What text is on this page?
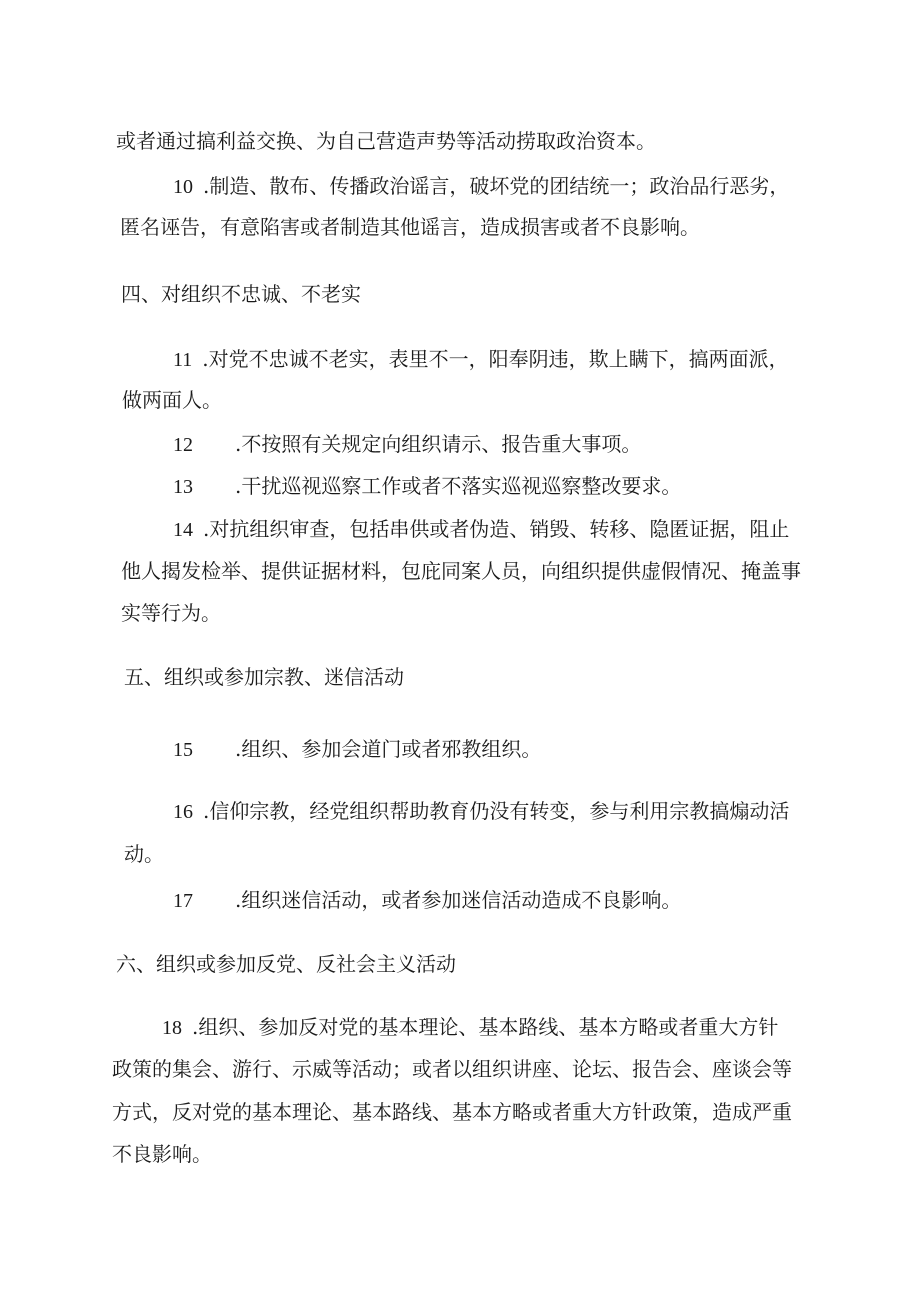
或者通过搞利益交换、为自己营造声势等活动捞取政治资本。
10 .制造、散布、传播政治谣言，破坏党的团结统一；政治品行恶劣，
匿名诬告，有意陷害或者制造其他谣言，造成损害或者不良影响。
四、对组织不忠诚、不老实
11 .对党不忠诚不老实，表里不一，阳奉阴违，欺上瞒下，搞两面派，
做两面人。
12 .不按照有关规定向组织请示、报告重大事项。
13 .干扰巡视巡察工作或者不落实巡视巡察整改要求。
14 .对抗组织审查，包括串供或者伪造、销毁、转移、隐匿证据，阻止
他人揭发检举、提供证据材料，包庇同案人员，向组织提供虚假情况、掩盖事
实等行为。
五、组织或参加宗教、迷信活动
15 .组织、参加会道门或者邪教组织。
16 .信仰宗教，经党组织帮助教育仍没有转变，参与利用宗教搞煽动活
动。
17 .组织迷信活动，或者参加迷信活动造成不良影响。
六、组织或参加反党、反社会主义活动
18 .组织、参加反对党的基本理论、基本路线、基本方略或者重大方针
政策的集会、游行、示威等活动；或者以组织讲座、论坛、报告会、座谈会等
方式，反对党的基本理论、基本路线、基本方略或者重大方针政策，造成严重
不良影响。
